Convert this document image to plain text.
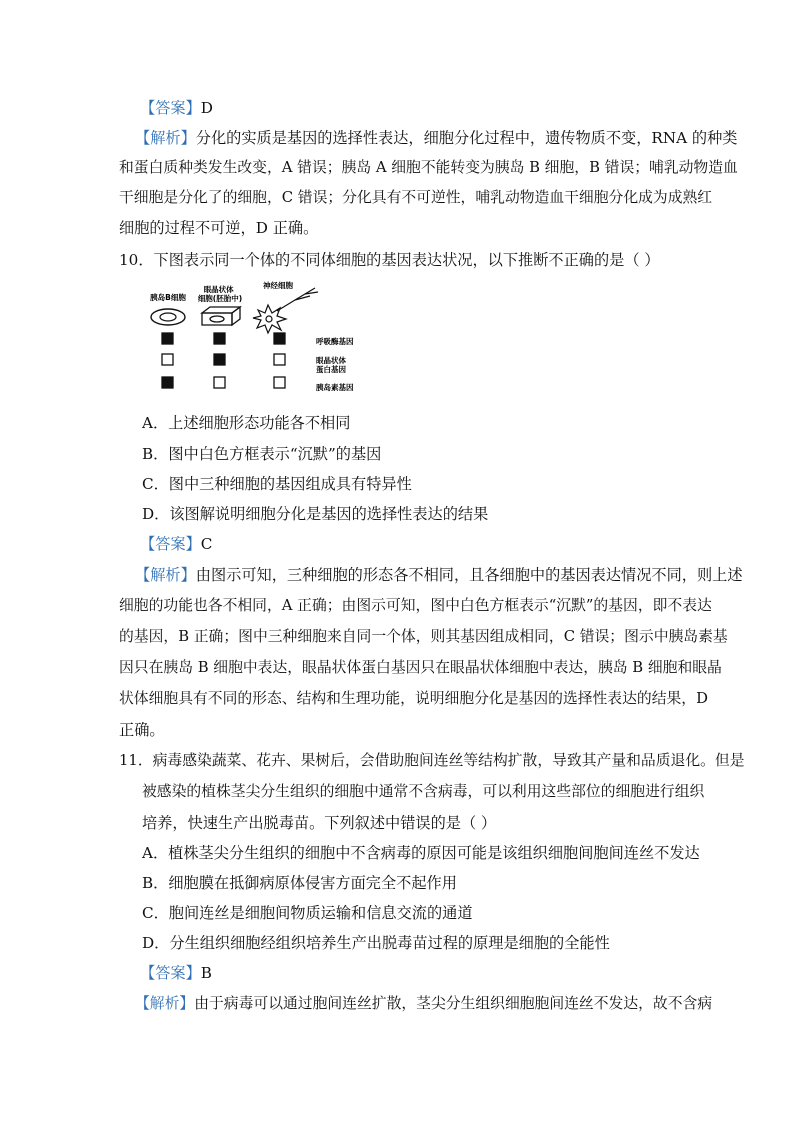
【答案】D
【解析】分化的实质是基因的选择性表达，细胞分化过程中，遗传物质不变，RNA 的种类
和蛋白质种类发生改变，A 错误；胰岛 A 细胞不能转变为胰岛 B 细胞，B 错误；哺乳动物造血
干细胞是分化了的细胞，C 错误；分化具有不可逆性，哺乳动物造血干细胞分化成为成熟红
细胞的过程不可逆，D 正确。
10．下图表示同一个体的不同体细胞的基因表达状况，以下推断不正确的是（ ）
胰岛B细胞
眼晶状体 细胞(胚胎中)
神经细胞
呼吸酶基因
眼晶状体 蛋白基因
胰岛素基因
A．上述细胞形态功能各不相同
B．图中白色方框表示“沉默”的基因
C．图中三种细胞的基因组成具有特异性
D．该图解说明细胞分化是基因的选择性表达的结果
【答案】C
【解析】由图示可知，三种细胞的形态各不相同，且各细胞中的基因表达情况不同，则上述
细胞的功能也各不相同，A 正确；由图示可知，图中白色方框表示“沉默”的基因，即不表达
的基因，B 正确；图中三种细胞来自同一个体，则其基因组成相同，C 错误；图示中胰岛素基
因只在胰岛 B 细胞中表达，眼晶状体蛋白基因只在眼晶状体细胞中表达，胰岛 B 细胞和眼晶
状体细胞具有不同的形态、结构和生理功能，说明细胞分化是基因的选择性表达的结果，D
正确。
11．病毒感染蔬菜、花卉、果树后，会借助胞间连丝等结构扩散，导致其产量和品质退化。但是
被感染的植株茎尖分生组织的细胞中通常不含病毒，可以利用这些部位的细胞进行组织
培养，快速生产出脱毒苗。下列叙述中错误的是（ ）
A．植株茎尖分生组织的细胞中不含病毒的原因可能是该组织细胞间胞间连丝不发达
B．细胞膜在抵御病原体侵害方面完全不起作用
C．胞间连丝是细胞间物质运输和信息交流的通道
D．分生组织细胞经组织培养生产出脱毒苗过程的原理是细胞的全能性
【答案】B
【解析】由于病毒可以通过胞间连丝扩散，茎尖分生组织细胞胞间连丝不发达，故不含病
